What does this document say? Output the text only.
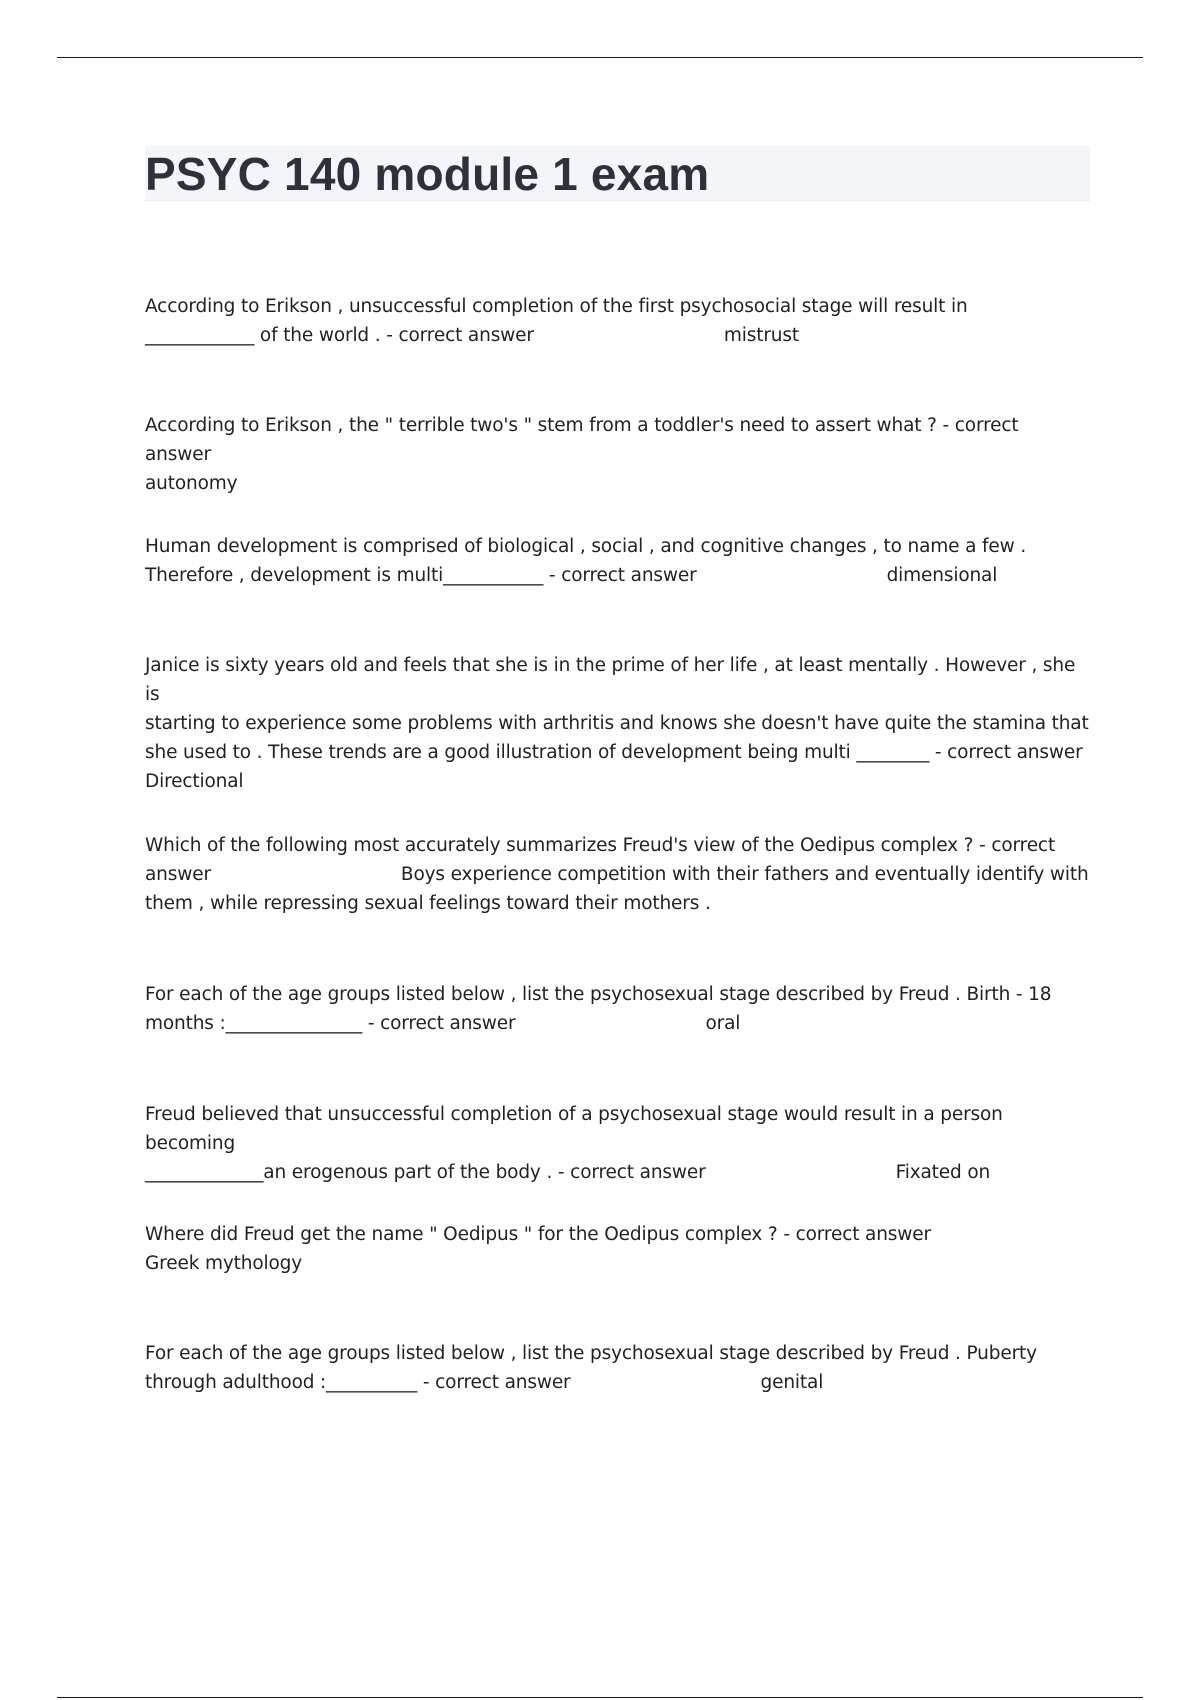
PSYC 140 module 1 exam
According to Erikson , unsuccessful completion of the first psychosocial stage will result in
____________ of the world . - correct answer	mistrust
According to Erikson , the " terrible two's " stem from a toddler's need to assert what ? - correct answer
autonomy
Human development is comprised of biological , social , and cognitive changes , to name a few .
Therefore , development is multi___________ - correct answer	dimensional
Janice is sixty years old and feels that she is in the prime of her life , at least mentally . However , she is
starting to experience some problems with arthritis and knows she doesn't have quite the stamina that
she used to . These trends are a good illustration of development being multi ________ - correct answer
Directional
Which of the following most accurately summarizes Freud's view of the Oedipus complex ? - correct
answer	Boys experience competition with their fathers and eventually identify with
them , while repressing sexual feelings toward their mothers .
For each of the age groups listed below , list the psychosexual stage described by Freud . Birth - 18
months :_______________ - correct answer	oral
Freud believed that unsuccessful completion of a psychosexual stage would result in a person becoming
_____________an erogenous part of the body . - correct answer	Fixated on
Where did Freud get the name " Oedipus " for the Oedipus complex ? - correct answer
Greek mythology
For each of the age groups listed below , list the psychosexual stage described by Freud . Puberty
through adulthood :__________ - correct answer	genital
